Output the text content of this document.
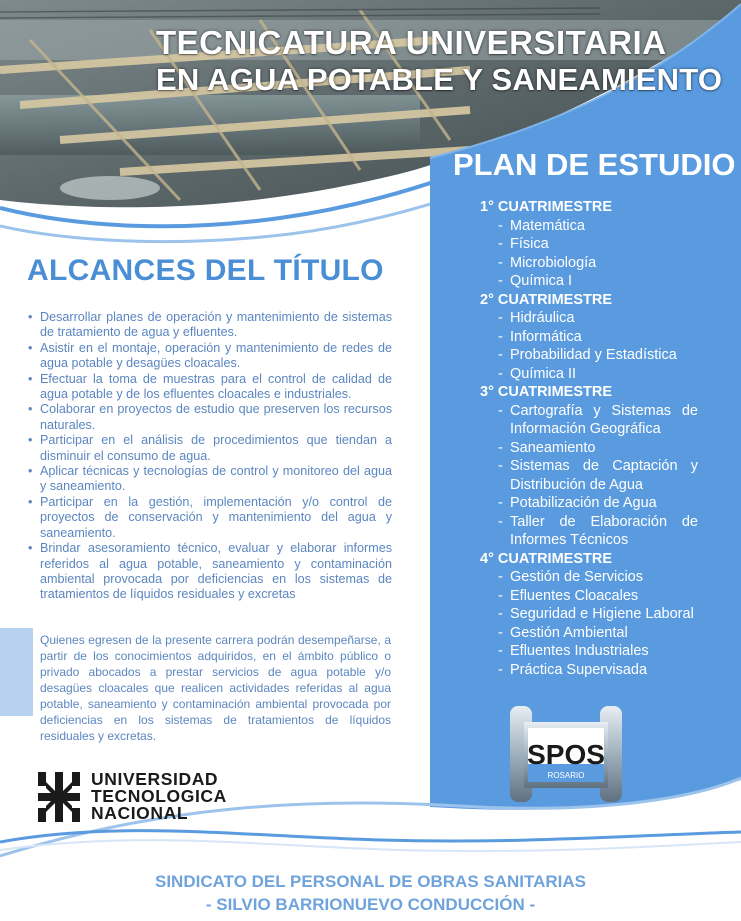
TECNICATURA UNIVERSITARIA
EN AGUA POTABLE Y SANEAMIENTO
PLAN DE ESTUDIO
1° CUATRIMESTRE
- Matemática
- Física
- Microbiología
- Química I
2° CUATRIMESTRE
- Hidráulica
- Informática
- Probabilidad y Estadística
- Química II
3° CUATRIMESTRE
- Cartografía y Sistemas de Información Geográfica
- Saneamiento
- Sistemas de Captación y Distribución de Agua
- Potabilización de Agua
- Taller de Elaboración de Informes Técnicos
4° CUATRIMESTRE
- Gestión de Servicios
- Efluentes Cloacales
- Seguridad e Higiene Laboral
- Gestión Ambiental
- Efluentes Industriales
- Práctica Supervisada
ALCANCES DEL TÍTULO
• Desarrollar planes de operación y mantenimiento de sistemas de tratamiento de agua y efluentes.
• Asistir en el montaje, operación y mantenimiento de redes de agua potable y desagües cloacales.
• Efectuar la toma de muestras para el control de calidad de agua potable y de los efluentes cloacales e industriales.
• Colaborar en proyectos de estudio que preserven los recursos naturales.
• Participar en el análisis de procedimientos que tiendan a disminuir el consumo de agua.
• Aplicar técnicas y tecnologías de control y monitoreo del agua y saneamiento.
• Participar en la gestión, implementación y/o control de proyectos de conservación y mantenimiento del agua y saneamiento.
• Brindar asesoramiento técnico, evaluar y elaborar informes referidos al agua potable, saneamiento y contaminación ambiental provocada por deficiencias en los sistemas de tratamientos de líquidos residuales y excretas
Quienes egresen de la presente carrera podrán desempeñarse, a partir de los conocimientos adquiridos, en el ámbito público o privado abocados a prestar servicios de agua potable y/o desagües cloacales que realicen actividades referidas al agua potable, saneamiento y contaminación ambiental provocada por deficiencias en los sistemas de tratamientos de líquidos residuales y excretas.
UNIVERSIDAD
TECNOLOGICA
NACIONAL
SPOS
ROSARIO
SINDICATO DEL PERSONAL DE OBRAS SANITARIAS
- SILVIO BARRIONUEVO CONDUCCIÓN -
